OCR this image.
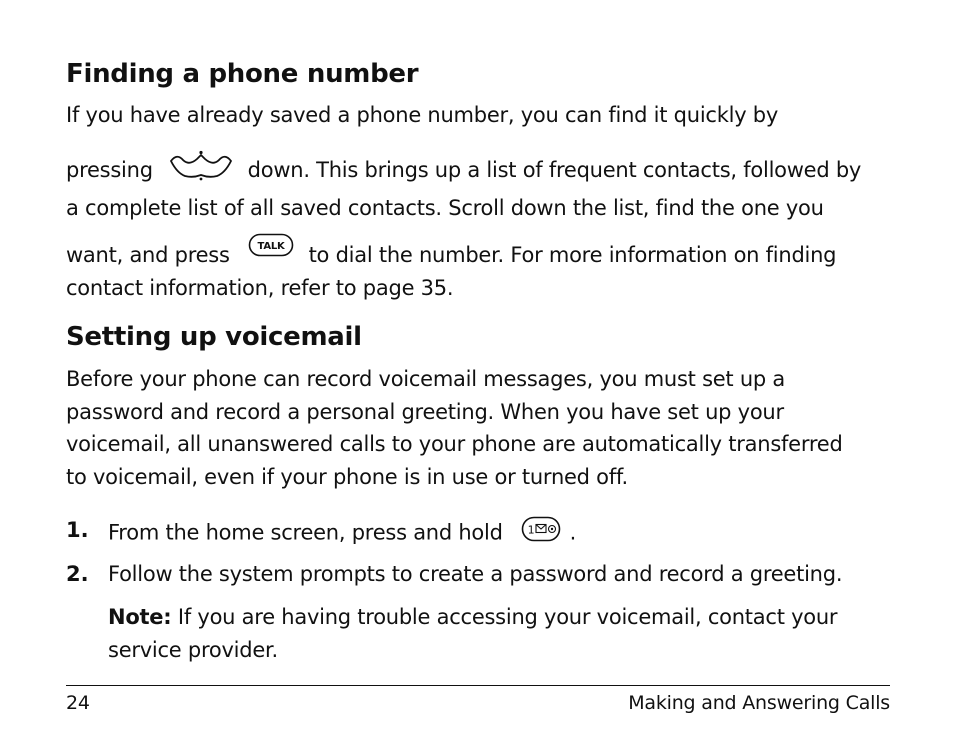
Finding a phone number
If you have already saved a phone number, you can find it quickly by
pressing	down. This brings up a list of frequent contacts, followed by
a complete list of all saved contacts. Scroll down the list, find the one you
want, and press	TALK to dial the number. For more information on finding
contact information, refer to page 35.
Setting up voicemail
Before your phone can record voicemail messages, you must set up a
password and record a personal greeting. When you have set up your
voicemail, all unanswered calls to your phone are automatically transferred
to voicemail, even if your phone is in use or turned off.
1. From the home screen, press and hold 1 .
2. Follow the system prompts to create a password and record a greeting.
Note: If you are having trouble accessing your voicemail, contact your
service provider.
24	Making and Answering Calls
